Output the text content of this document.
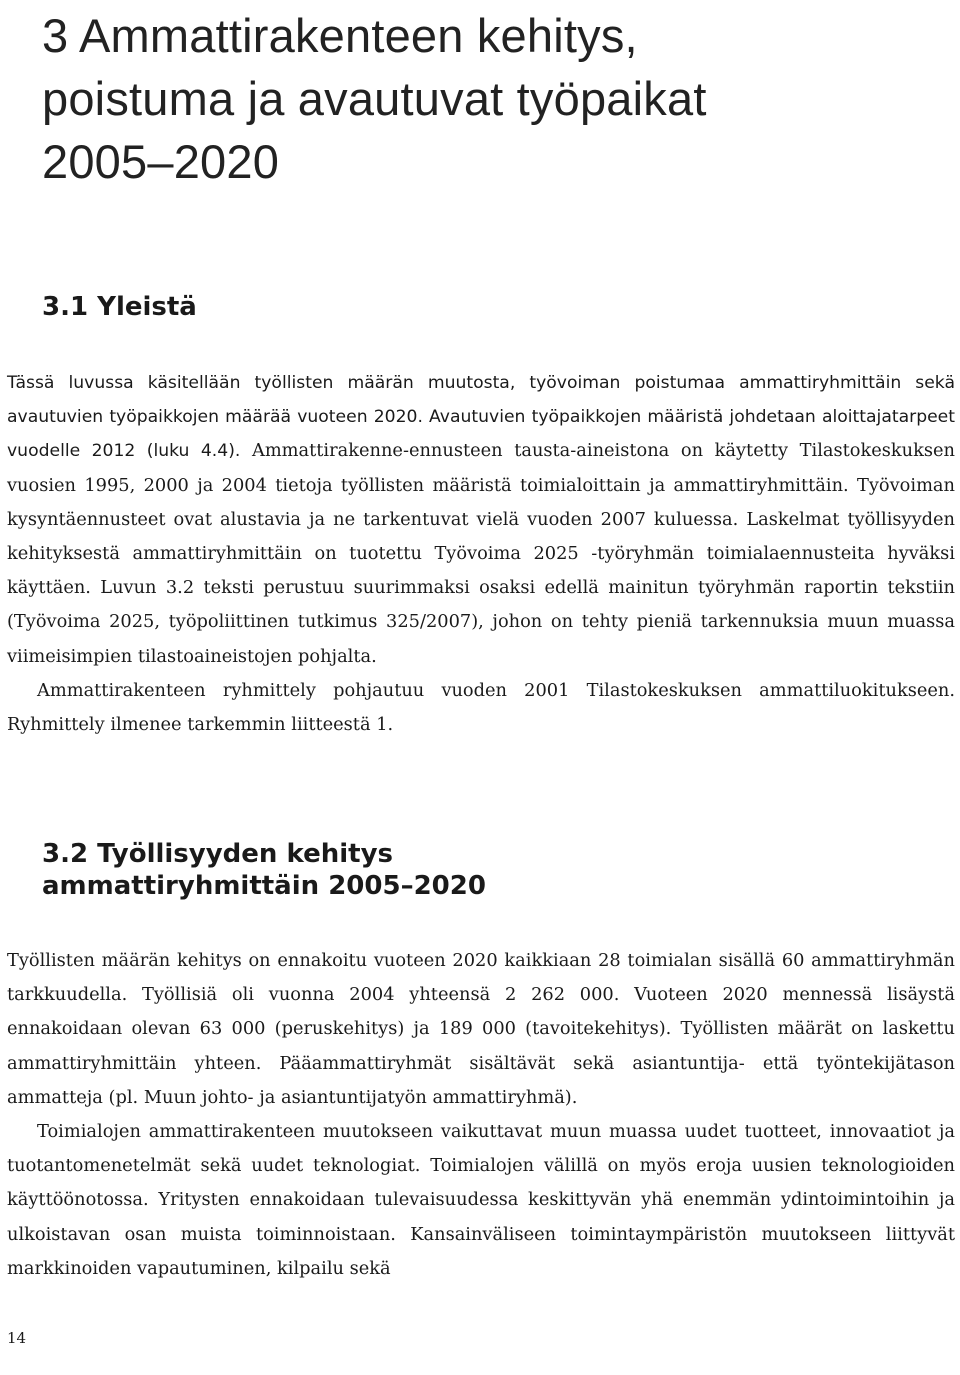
3 Ammattirakenteen kehitys,
poistuma ja avautuvat työpaikat
2005–2020
3.1 Yleistä

Tässä luvussa käsitellään työllisten määrän muutosta, työvoiman poistumaa ammattiryhmittäin sekä avautuvien työpaikkojen määrää vuoteen 2020. Avautuvien työpaikkojen määristä johdetaan aloittajatarpeet vuodelle 2012 (luku 4.4). Ammattirakenne-ennusteen tausta-aineistona on käytetty Tilastokeskuksen vuosien 1995, 2000 ja 2004 tietoja työllisten määristä toimialoittain ja ammattiryhmittäin. Työvoiman kysyntäennusteet ovat alustavia ja ne tarkentuvat vielä vuoden 2007 kuluessa. Laskelmat työllisyyden kehityksestä ammattiryhmittäin on tuotettu Työvoima 2025 -työryhmän toimialaennusteita hyväksi käyttäen. Luvun 3.2 teksti perustuu suurimmaksi osaksi edellä mainitun työryhmän raportin tekstiin (Työvoima 2025, työpoliittinen tutkimus 325/2007), johon on tehty pieniä tarkennuksia muun muassa viimeisimpien tilastoaineistojen pohjalta.

Ammattirakenteen ryhmittely pohjautuu vuoden 2001 Tilastokeskuksen ammattiluokitukseen. Ryhmittely ilmenee tarkemmin liitteestä 1.

3.2 Työllisyyden kehitys
ammattiryhmittäin 2005–2020

Työllisten määrän kehitys on ennakoitu vuoteen 2020 kaikkiaan 28 toimialan sisällä 60 ammattiryhmän tarkkuudella. Työllisiä oli vuonna 2004 yhteensä 2 262 000. Vuoteen 2020 mennessä lisäystä ennakoidaan olevan 63 000 (peruskehitys) ja 189 000 (tavoitekehitys). Työllisten määrät on laskettu ammattiryhmittäin yhteen. Pääammattiryhmät sisältävät sekä asiantuntija- että työntekijätason ammatteja (pl. Muun johto- ja asiantuntijatyön ammattiryhmä).

Toimialojen ammattirakenteen muutokseen vaikuttavat muun muassa uudet tuotteet, innovaatiot ja tuotantomenetelmät sekä uudet teknologiat. Toimialojen välillä on myös eroja uusien teknologioiden käyttöönotossa. Yritysten ennakoidaan tulevaisuudessa keskittyvän yhä enemmän ydintoimintoihin ja ulkoistavan osan muista toiminnoistaan. Kansainväliseen toimintaympäristön muutokseen liittyvät markkinoiden vapautuminen, kilpailu sekä

14
